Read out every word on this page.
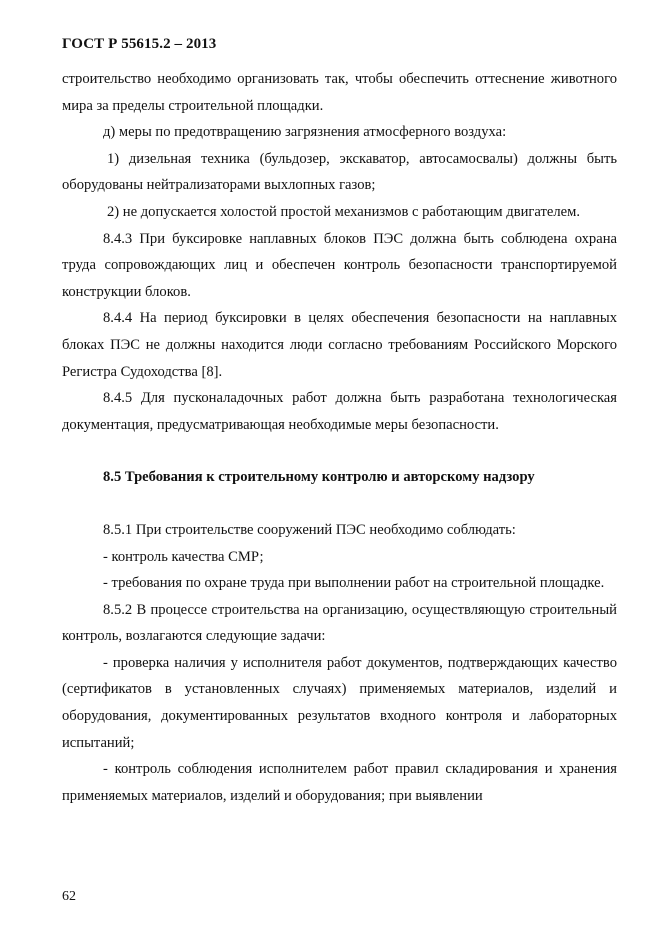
ГОСТ Р 55615.2 – 2013

строительство необходимо организовать так, чтобы обеспечить оттеснение животного мира за пределы строительной площадки.

д) меры по предотвращению загрязнения атмосферного воздуха:

1) дизельная техника (бульдозер, экскаватор, автосамосвалы) должны быть оборудованы нейтрализаторами выхлопных газов;

2) не допускается холостой простой механизмов с работающим двигателем.

8.4.3 При буксировке наплавных блоков ПЭС должна быть соблюдена охрана труда сопровождающих лиц и обеспечен контроль безопасности транспортируемой конструкции блоков.

8.4.4 На период буксировки в целях обеспечения безопасности на наплавных блоках ПЭС не должны находится люди согласно требованиям Российского Морского Регистра Судоходства [8].

8.4.5 Для пусконаладочных работ должна быть разработана технологическая документация, предусматривающая необходимые меры безопасности.

8.5 Требования к строительному контролю и авторскому надзору

8.5.1 При строительстве сооружений ПЭС необходимо соблюдать:

- контроль качества СМР;

- требования по охране труда при выполнении работ на строительной площадке.

8.5.2 В процессе строительства на организацию, осуществляющую строительный контроль, возлагаются следующие задачи:

- проверка наличия у исполнителя работ документов, подтверждающих качество (сертификатов в установленных случаях) применяемых материалов, изделий и оборудования, документированных результатов входного контроля и лабораторных испытаний;

- контроль соблюдения исполнителем работ правил складирования и хранения применяемых материалов, изделий и оборудования; при выявлении

62
